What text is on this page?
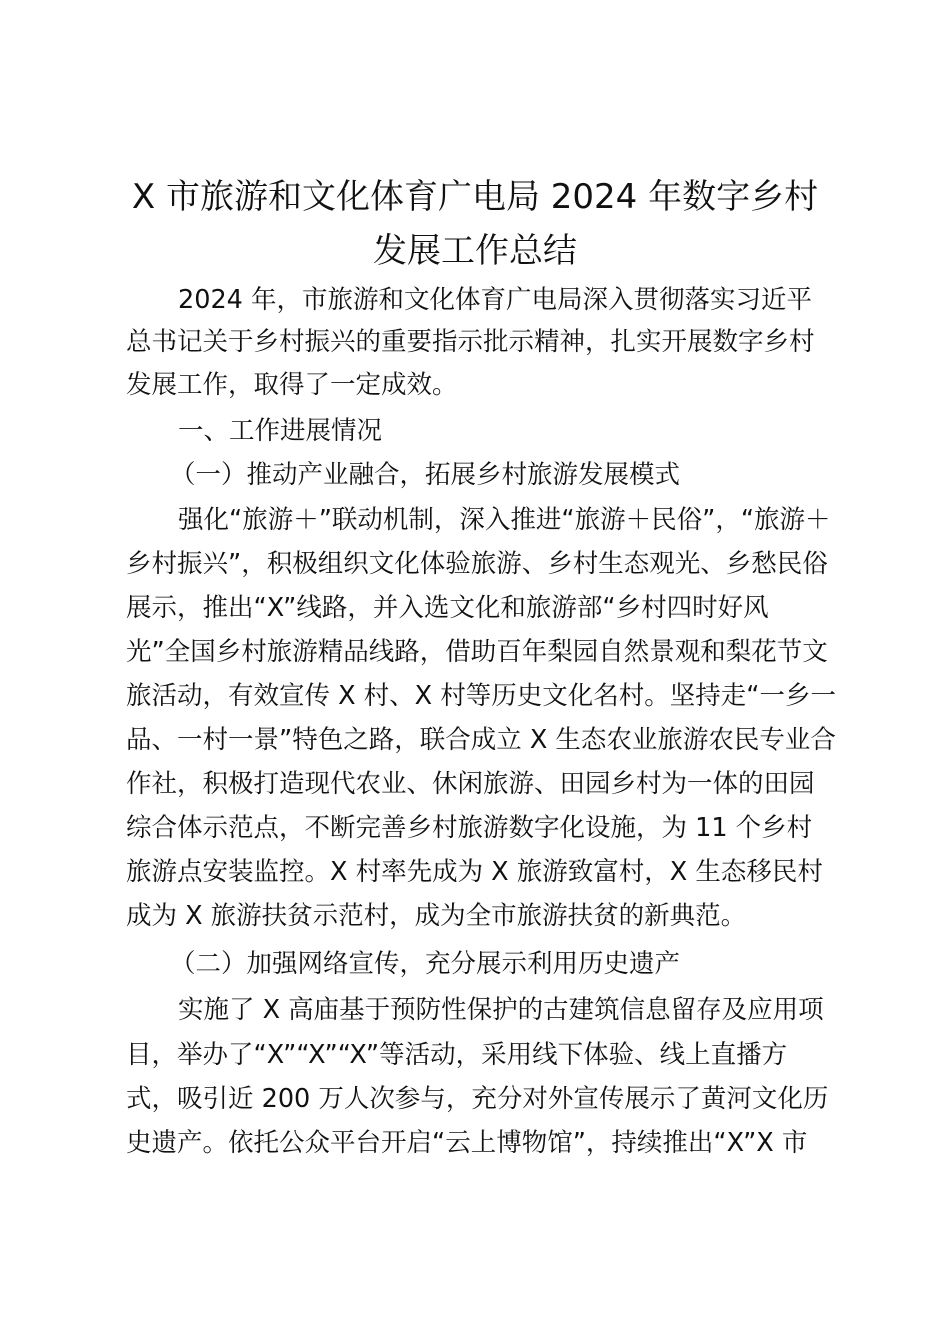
X 市旅游和文化体育广电局 2024 年数字乡村
发展工作总结

2024 年，市旅游和文化体育广电局深入贯彻落实习近平

总书记关于乡村振兴的重要指示批示精神，扎实开展数字乡村

发展工作，取得了一定成效。

一、工作进展情况

（一）推动产业融合，拓展乡村旅游发展模式

强化“旅游＋”联动机制，深入推进“旅游＋民俗”，“旅游＋

乡村振兴”，积极组织文化体验旅游、乡村生态观光、乡愁民俗

展示，推出“X”线路，并入选文化和旅游部“乡村四时好风

光”全国乡村旅游精品线路，借助百年梨园自然景观和梨花节文

旅活动，有效宣传 X 村、X 村等历史文化名村。坚持走“一乡一

品、一村一景”特色之路，联合成立 X 生态农业旅游农民专业合

作社，积极打造现代农业、休闲旅游、田园乡村为一体的田园

综合体示范点，不断完善乡村旅游数字化设施，为 11 个乡村

旅游点安装监控。X 村率先成为 X 旅游致富村，X 生态移民村

成为 X 旅游扶贫示范村，成为全市旅游扶贫的新典范。

（二）加强网络宣传，充分展示利用历史遗产

实施了 X 高庙基于预防性保护的古建筑信息留存及应用项

目，举办了“X”“X”“X”等活动，采用线下体验、线上直播方

式，吸引近 200 万人次参与，充分对外宣传展示了黄河文化历

史遗产。依托公众平台开启“云上博物馆”，持续推出“X”X 市
